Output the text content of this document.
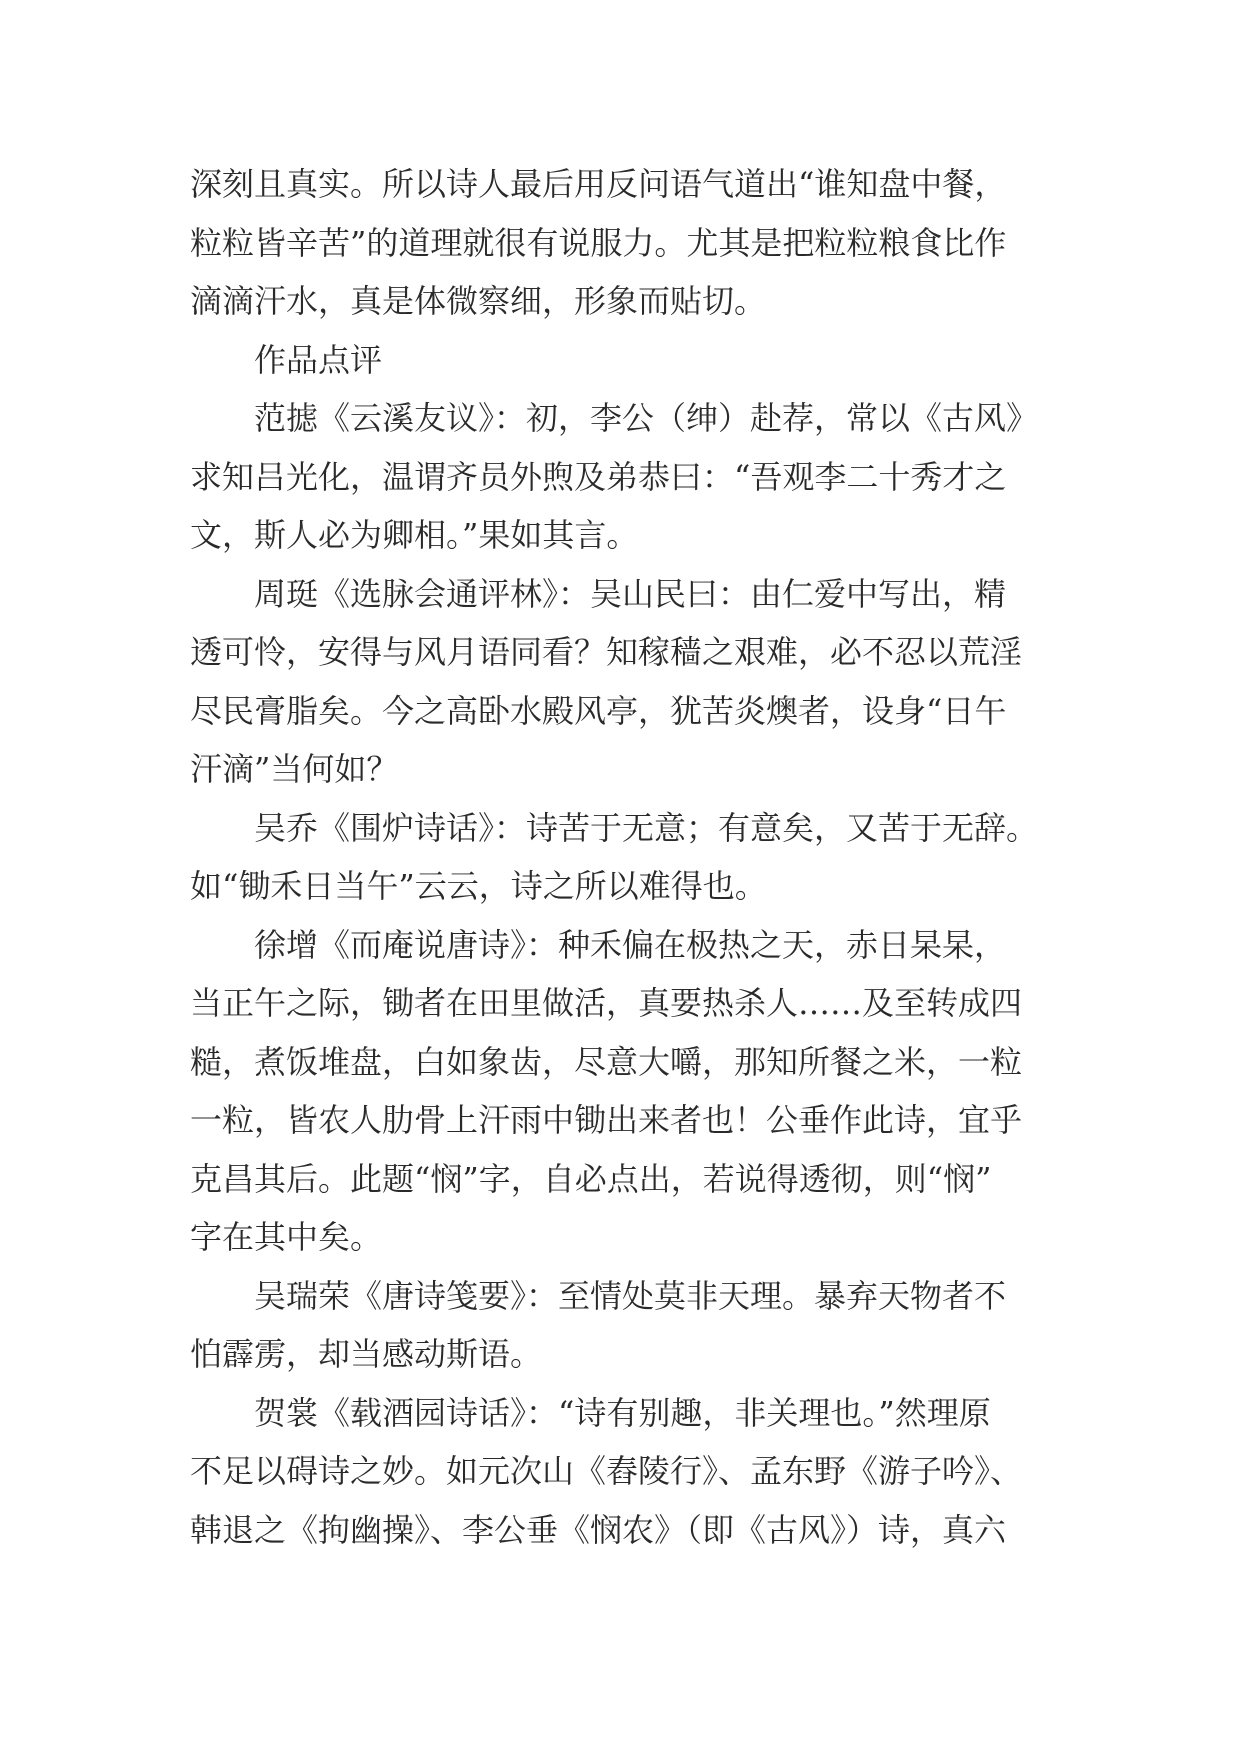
深刻且真实。所以诗人最后用反问语气道出“谁知盘中餐，

粒粒皆辛苦”的道理就很有说服力。尤其是把粒粒粮食比作

滴滴汗水，真是体微察细，形象而贴切。

作品点评

范摅《云溪友议》：初，李公（绅）赴荐，常以《古风》

求知吕光化，温谓齐员外煦及弟恭曰：“吾观李二十秀才之

文，斯人必为卿相。”果如其言。

周珽《选脉会通评林》：吴山民曰：由仁爱中写出，精

透可怜，安得与风月语同看？知稼穑之艰难，必不忍以荒淫

尽民膏脂矣。今之高卧水殿风亭，犹苦炎燠者，设身“日午

汗滴”当何如？

吴乔《围炉诗话》：诗苦于无意；有意矣，又苦于无辞。

如“锄禾日当午”云云，诗之所以难得也。

徐增《而庵说唐诗》：种禾偏在极热之天，赤日杲杲，

当正午之际，锄者在田里做活，真要热杀人……及至转成四

糙，煮饭堆盘，白如象齿，尽意大嚼，那知所餐之米，一粒

一粒，皆农人肋骨上汗雨中锄出来者也！公垂作此诗，宜乎

克昌其后。此题“悯”字，自必点出，若说得透彻，则“悯”

字在其中矣。

吴瑞荣《唐诗笺要》：至情处莫非天理。暴弃天物者不

怕霹雳，却当感动斯语。

贺裳《载酒园诗话》：“诗有别趣，非关理也。”然理原

不足以碍诗之妙。如元次山《舂陵行》、孟东野《游子吟》、

韩退之《拘幽操》、李公垂《悯农》（即《古风》）诗，真六
